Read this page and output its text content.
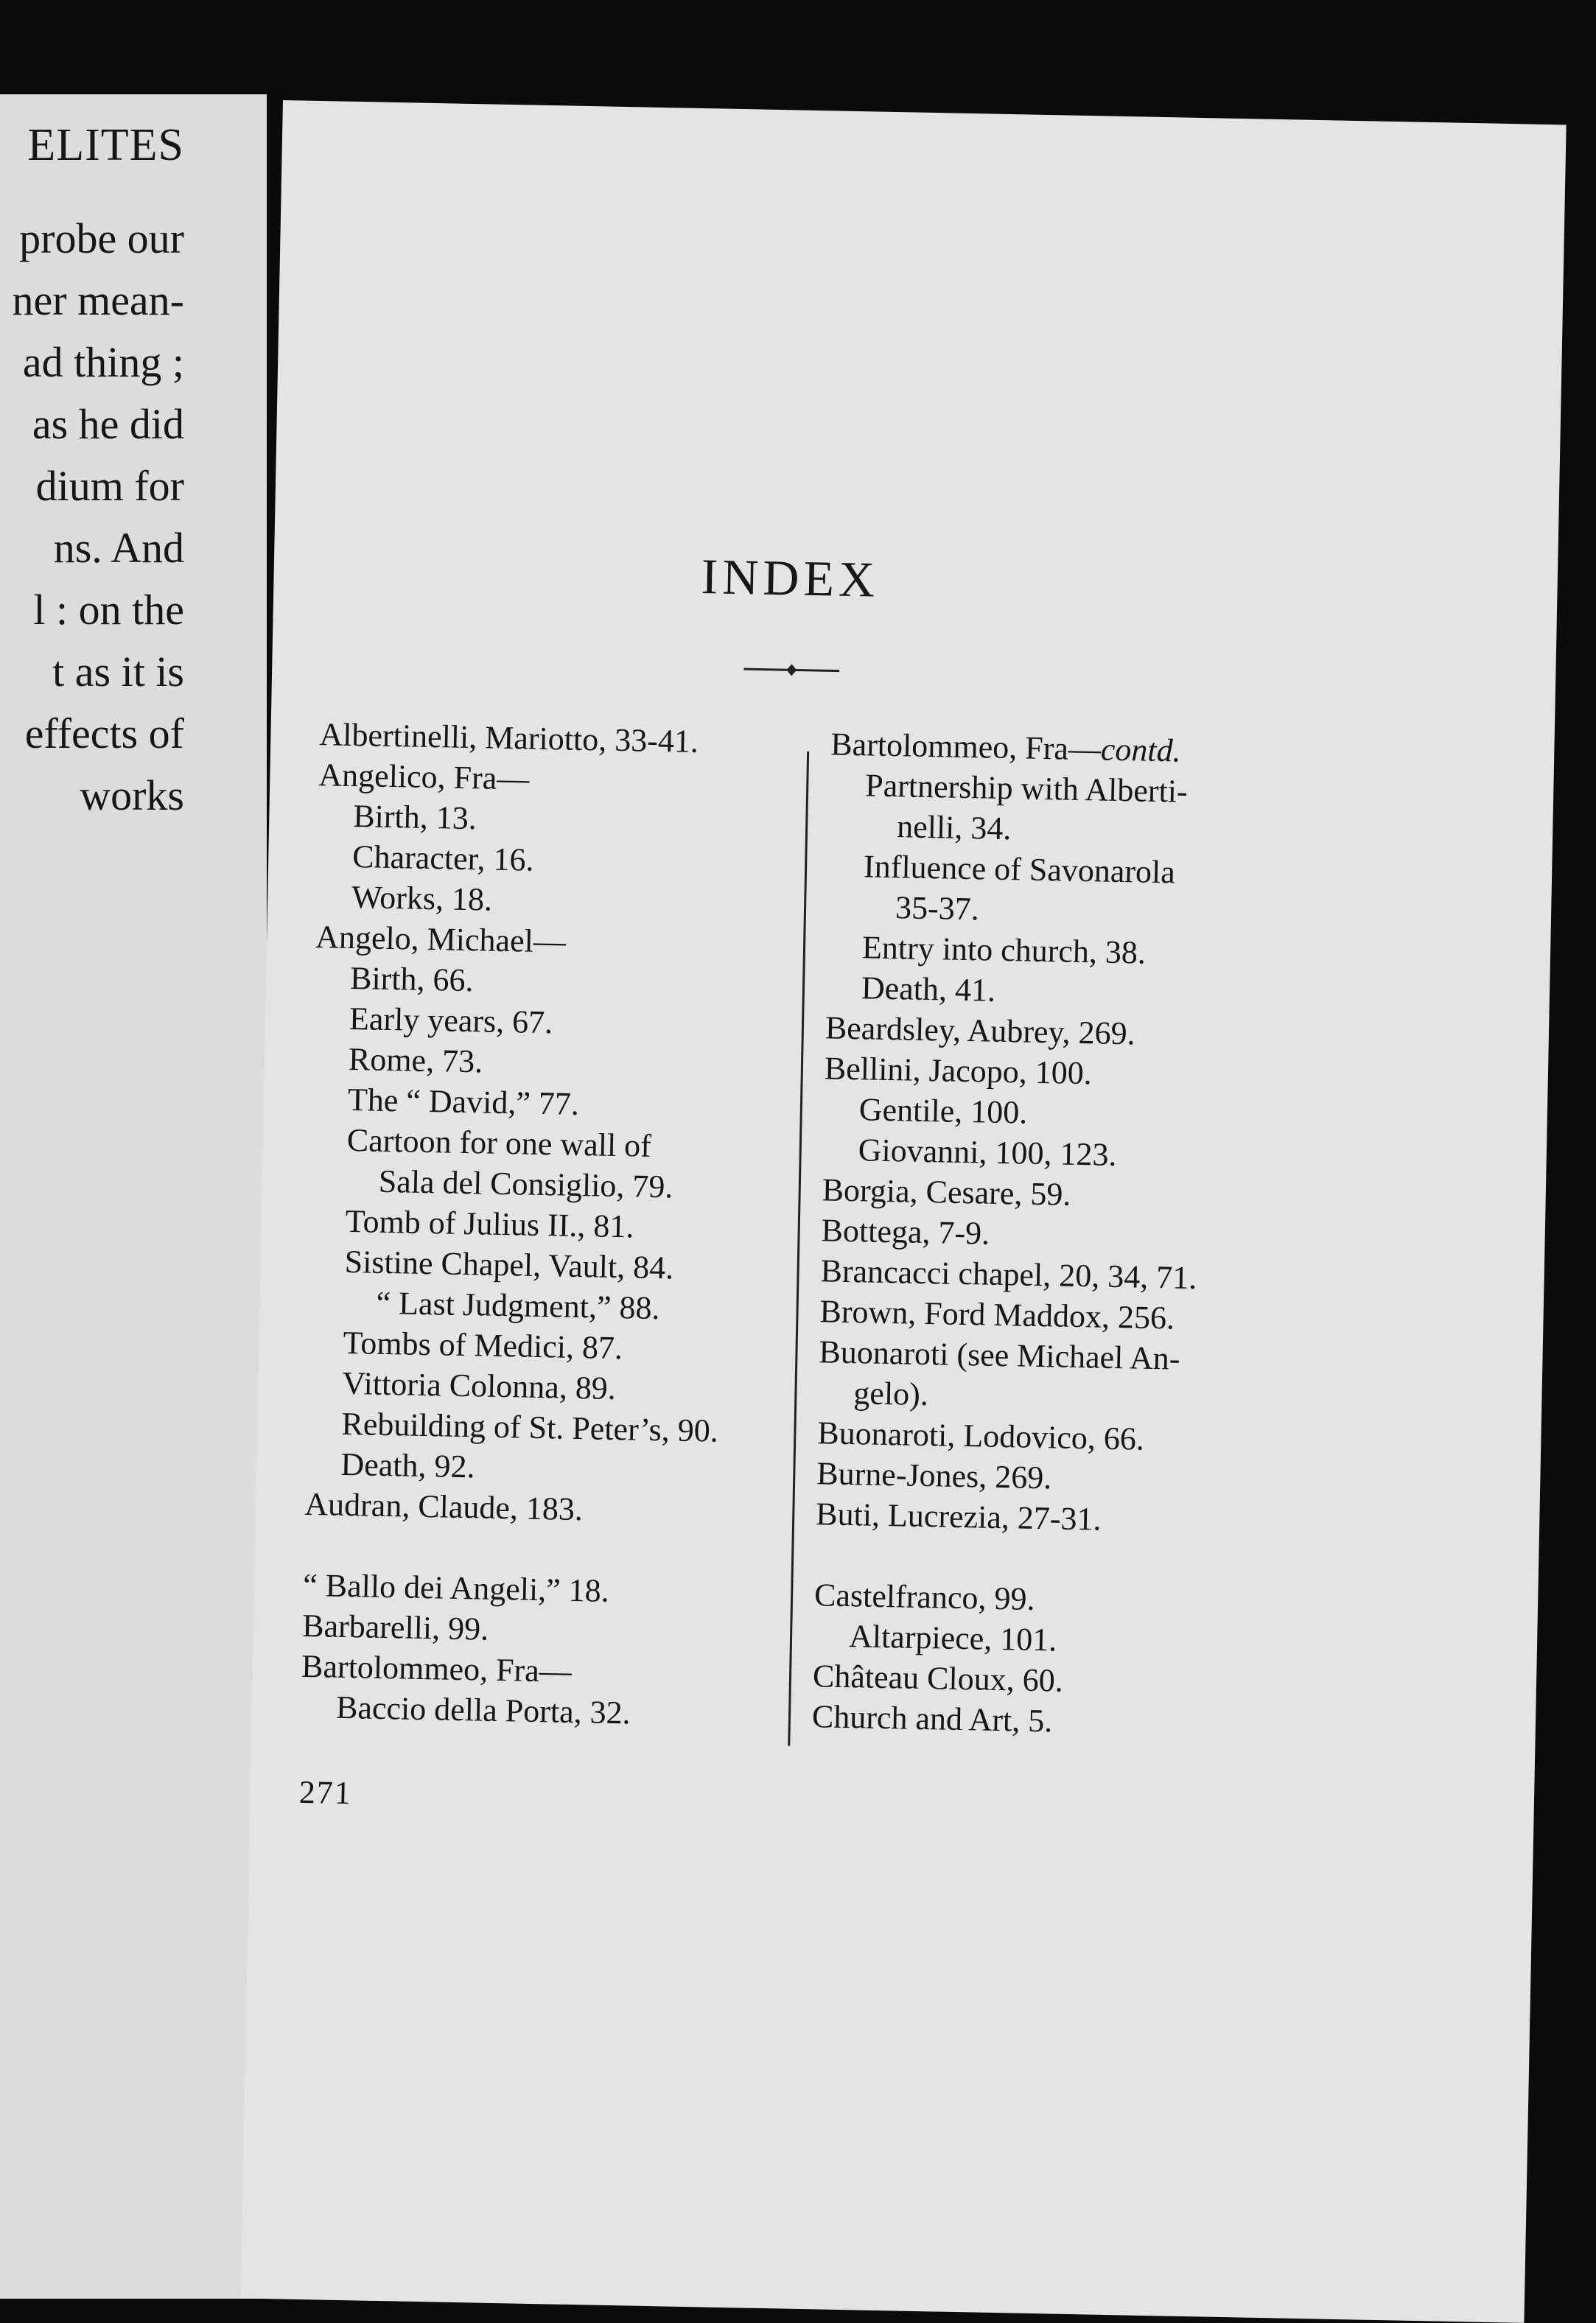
ELITES
probe our
ner mean-
ad thing ;
as he did
dium for
ns. And
l : on the
t as it is
effects of
works
INDEX
Albertinelli, Mariotto, 33-41.
Angelico, Fra—
Birth, 13.
Character, 16.
Works, 18.
Angelo, Michael—
Birth, 66.
Early years, 67.
Rome, 73.
The “ David,” 77.
Cartoon for one wall of
Sala del Consiglio, 79.
Tomb of Julius II., 81.
Sistine Chapel, Vault, 84.
“ Last Judgment,” 88.
Tombs of Medici, 87.
Vittoria Colonna, 89.
Rebuilding of St. Peter’s, 90.
Death, 92.
Audran, Claude, 183.
“ Ballo dei Angeli,” 18.
Barbarelli, 99.
Bartolommeo, Fra—
Baccio della Porta, 32.
Bartolommeo, Fra—contd.
Partnership with Alberti-
nelli, 34.
Influence of Savonarola
35-37.
Entry into church, 38.
Death, 41.
Beardsley, Aubrey, 269.
Bellini, Jacopo, 100.
Gentile, 100.
Giovanni, 100, 123.
Borgia, Cesare, 59.
Bottega, 7-9.
Brancacci chapel, 20, 34, 71.
Brown, Ford Maddox, 256.
Buonaroti (see Michael An-
gelo).
Buonaroti, Lodovico, 66.
Burne-Jones, 269.
Buti, Lucrezia, 27-31.
Castelfranco, 99.
Altarpiece, 101.
Château Cloux, 60.
Church and Art, 5.
271
